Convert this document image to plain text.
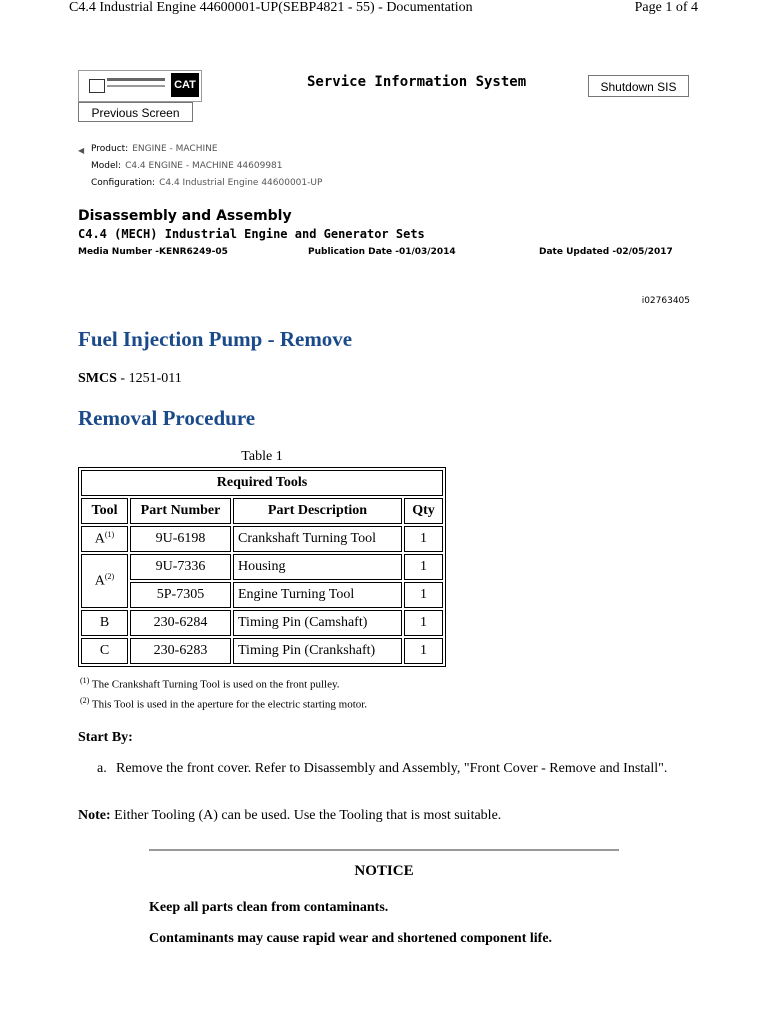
C4.4 Industrial Engine 44600001-UP(SEBP4821 - 55) - Documentation	Page 1 of 4
CAT	Service Information System	Shutdown SIS
Previous Screen
◀ Product: ENGINE - MACHINE
Model: C4.4 ENGINE - MACHINE 44609981
Configuration: C4.4 Industrial Engine 44600001-UP
Disassembly and Assembly
C4.4 (MECH) Industrial Engine and Generator Sets
Media Number -KENR6249-05	Publication Date -01/03/2014	Date Updated -02/05/2017
i02763405
Fuel Injection Pump - Remove
SMCS - 1251-011
Removal Procedure
Table 1
Required Tools			
Tool	Part Number	Part Description	Qty
$A^{(1)}$	9U-6198	Crankshaft Turning Tool	1
$A^{(2)}$	9U-7336	Housing	1
	5P-7305	Engine Turning Tool	1
B	230-6284	Timing Pin (Camshaft)	1
C	230-6283	Timing Pin (Crankshaft)	1
$^{(1)}$ The Crankshaft Turning Tool is used on the front pulley.
$^{(2)}$ This Tool is used in the aperture for the electric starting motor.
Start By:
a. Remove the front cover. Refer to Disassembly and Assembly, "Front Cover - Remove and Install".
Note: Either Tooling (A) can be used. Use the Tooling that is most suitable.
NOTICE
Keep all parts clean from contaminants.
Contaminants may cause rapid wear and shortened component life.
